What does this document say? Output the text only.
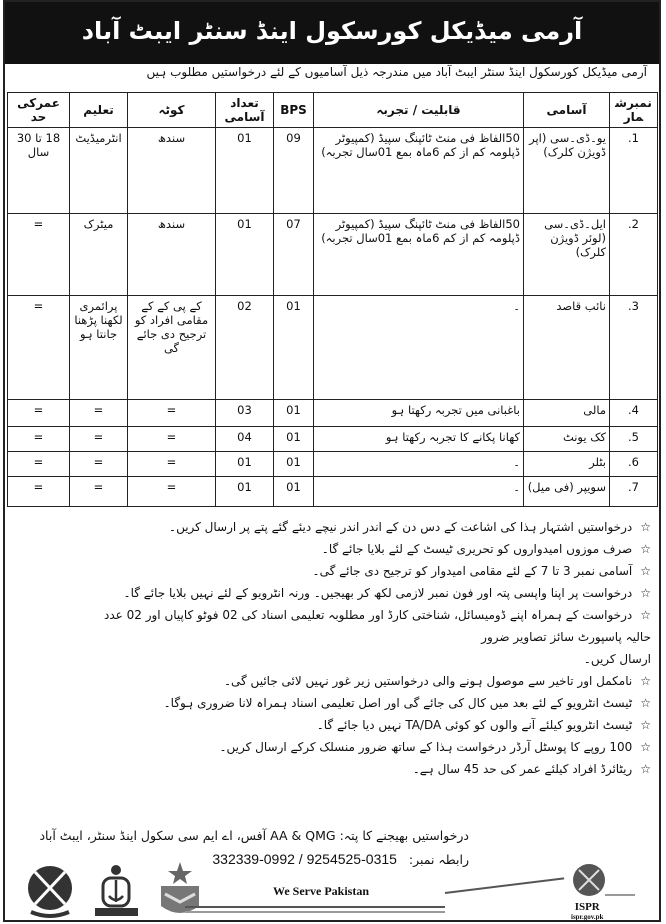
آرمی میڈیکل کورسکول اینڈ سنٹر ایبٹ آباد
آرمی میڈیکل کورسکول اینڈ سنٹر ایبٹ آباد میں مندرجہ ذیل آسامیوں کے لئے درخواستیں مطلوب ہیں
نمبرشمار	آسامی	قابلیت / تجربہ	BPS	تعداد آسامی	کوٹہ	تعلیم	عمرکی حد
1.	یو۔ڈی۔سی (اپر ڈویژن کلرک)	50الفاظ فی منٹ ٹائپنگ سپیڈ (کمپیوٹر ڈپلومہ کم از کم 6ماہ بمع 01سال تجربہ)	09	01	سندھ	انٹرمیڈیٹ	18 تا 30 سال
2.	ایل۔ڈی۔سی (لوئر ڈویژن کلرک)	50الفاظ فی منٹ ٹائپنگ سپیڈ (کمپیوٹر ڈپلومہ کم از کم 6ماہ بمع 01سال تجربہ)	07	01	سندھ	میٹرک	=
3.	نائب قاصد	۔	01	02	کے پی کے کے مقامی افراد کو ترجیح دی جائے گی	پرائمری لکھنا پڑھنا جانتا ہو	=
4.	مالی	باغبانی میں تجربہ رکھتا ہو	01	03	=	=	=
5.	کک یونٹ	کھانا پکانے کا تجربہ رکھتا ہو	01	04	=	=	=
6.	بٹلر	۔	01	01	=	=	=
7.	سویپر (فی میل)	۔	01	01	=	=	=
☆درخواستیں اشتہار ہذا کی اشاعت کے دس دن کے اندر اندر نیچے دیئے گئے پتے پر ارسال کریں۔
☆صرف موزوں امیدواروں کو تحریری ٹیسٹ کے لئے بلایا جائے گا۔
☆آسامی نمبر 3 تا 7 کے لئے مقامی امیدوار کو ترجیح دی جائے گی۔
☆درخواست پر اپنا واپسی پتہ اور فون نمبر لازمی لکھ کر بھیجیں۔ ورنہ انٹرویو کے لئے نہیں بلایا جائے گا۔
☆درخواست کے ہمراہ اپنے ڈومیسائل، شناختی کارڈ اور مطلوبہ تعلیمی اسناد کی 02 فوٹو کاپیاں اور 02 عدد حالیہ پاسپورٹ سائز تصاویر ضرور
ارسال کریں۔
☆نامکمل اور تاخیر سے موصول ہونے والی درخواستیں زیر غور نہیں لائی جائیں گی۔
☆ٹیسٹ انٹرویو کے لئے بعد میں کال کی جائے گی اور اصل تعلیمی اسناد ہمراہ لانا ضروری ہوگا۔
☆ٹیسٹ انٹرویو کیلئے آنے والوں کو کوئی TA/DA نہیں دیا جائے گا۔
☆100 روپے کا پوسٹل آرڈر درخواست ہذا کے ساتھ ضرور منسلک کرکے ارسال کریں۔
☆ریٹائرڈ افراد کیلئے عمر کی حد 45 سال ہے۔
درخواستیں بھیجنے کا پتہ: AA & QMG آفس، اے ایم سی سکول اینڈ سنٹر، ایبٹ آباد
رابطہ نمبر:   0315-9254525 / 0992-332339
We Serve Pakistan
ISPR
ispr.gov.pk
